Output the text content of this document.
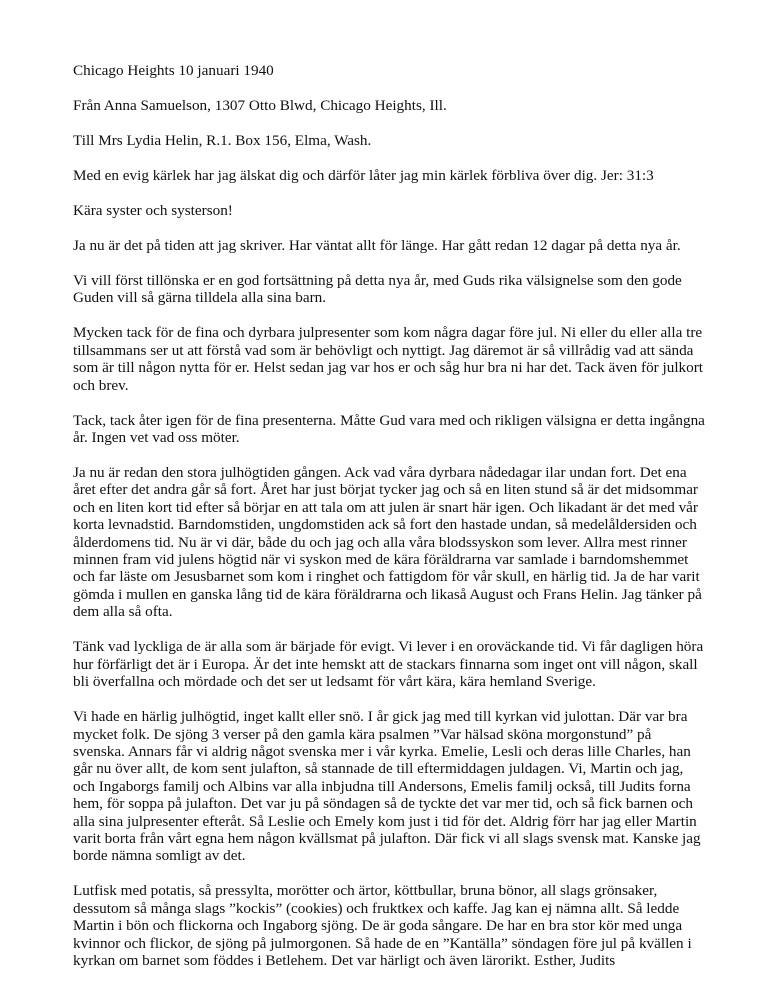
Chicago Heights 10 januari 1940

Från Anna Samuelson, 1307 Otto Blwd, Chicago Heights, Ill.

Till Mrs Lydia Helin, R.1. Box 156, Elma, Wash.

Med en evig kärlek har jag älskat dig och därför låter jag min kärlek förbliva över dig. Jer: 31:3

Kära syster och systerson!

Ja nu är det på tiden att jag skriver. Har väntat allt för länge. Har gått redan 12 dagar på detta nya år.

Vi vill först tillönska er en god fortsättning på detta nya år, med Guds rika välsignelse som den gode Guden vill så gärna tilldela alla sina barn.

Mycken tack för de fina och dyrbara julpresenter som kom några dagar före jul. Ni eller du eller alla tre tillsammans ser ut att förstå vad som är behövligt och nyttigt. Jag däremot är så villrådig vad att sända som är till någon nytta för er. Helst sedan jag var hos er och såg hur bra ni har det. Tack även för julkort och brev.

Tack, tack åter igen för de fina presenterna. Måtte Gud vara med och rikligen välsigna er detta ingångna år. Ingen vet vad oss möter.

Ja nu är redan den stora julhögtiden gången. Ack vad våra dyrbara nådedagar ilar undan fort. Det ena året efter det andra går så fort. Året har just börjat tycker jag och så en liten stund så är det midsommar och en liten kort tid efter så börjar en att tala om att julen är snart här igen. Och likadant är det med vår korta levnadstid. Barndomstiden, ungdomstiden ack så fort den hastade undan, så medelåldersiden och ålderdomens tid. Nu är vi där, både du och jag och alla våra blodssyskon som lever. Allra mest rinner minnen fram vid julens högtid när vi syskon med de kära föräldrarna var samlade i barndomshemmet och far läste om Jesusbarnet som kom i ringhet och fattigdom för vår skull, en härlig tid. Ja de har varit gömda i mullen en ganska lång tid de kära föräldrarna och likaså August och Frans Helin. Jag tänker på dem alla så ofta.

Tänk vad lyckliga de är alla som är bärjade för evigt. Vi lever i en oroväckande tid. Vi får dagligen höra hur förfärligt det är i Europa. Är det inte hemskt att de stackars finnarna som inget ont vill någon, skall bli överfallna och mördade och det ser ut ledsamt för vårt kära, kära hemland Sverige.

Vi hade en härlig julhögtid, inget kallt eller snö. I år gick jag med till kyrkan vid julottan. Där var bra mycket folk. De sjöng 3 verser på den gamla kära psalmen ”Var hälsad sköna morgonstund” på svenska. Annars får vi aldrig något svenska mer i vår kyrka. Emelie, Lesli och deras lille Charles, han går nu över allt, de kom sent julafton, så stannade de till eftermiddagen juldagen. Vi, Martin och jag, och Ingaborgs familj och Albins var alla inbjudna till Andersons, Emelis familj också, till Judits forna hem, för soppa på julafton. Det var ju på söndagen så de tyckte det var mer tid, och så fick barnen och alla sina julpresenter efteråt. Så Leslie och Emely kom just i tid för det. Aldrig förr har jag eller Martin varit borta från vårt egna hem någon kvällsmat på julafton. Där fick vi all slags svensk mat. Kanske jag borde nämna somligt av det.

Lutfisk med potatis, så pressylta, morötter och ärtor, köttbullar, bruna bönor, all slags grönsaker, dessutom så många slags ”kockis” (cookies) och fruktkex och kaffe. Jag kan ej nämna allt. Så ledde Martin i bön och flickorna och Ingaborg sjöng. De är goda sångare. De har en bra stor kör med unga kvinnor och flickor, de sjöng på julmorgonen. Så hade de en ”Kantälla” söndagen före jul på kvällen i kyrkan om barnet som föddes i Betlehem. Det var härligt och även lärorikt. Esther, Judits
